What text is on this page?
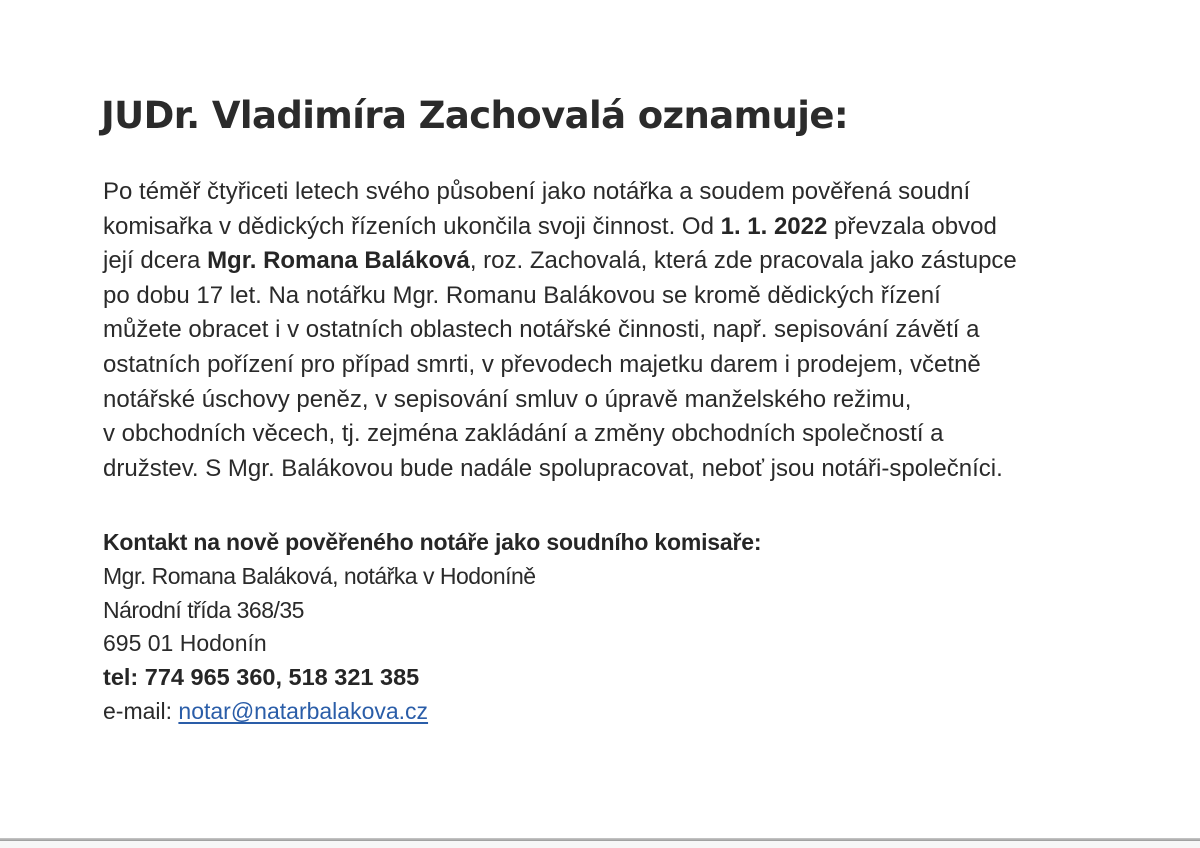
JUDr. Vladimíra Zachovalá oznamuje:
Po téměř čtyřiceti letech svého působení jako notářka a soudem pověřená soudní
komisařka v dědických řízeních ukončila svoji činnost. Od 1. 1. 2022 převzala obvod
její dcera Mgr. Romana Baláková, roz. Zachovalá, která zde pracovala jako zástupce
po dobu 17 let. Na notářku Mgr. Romanu Balákovou se kromě dědických řízení
můžete obracet i v ostatních oblastech notářské činnosti, např. sepisování závětí a
ostatních pořízení pro případ smrti, v převodech majetku darem i prodejem, včetně
notářské úschovy peněz, v sepisování smluv o úpravě manželského režimu,
v obchodních věcech, tj. zejména zakládání a změny obchodních společností a
družstev. S Mgr. Balákovou bude nadále spolupracovat, neboť jsou notáři-společníci.
Kontakt na nově pověřeného notáře jako soudního komisaře:
Mgr. Romana Baláková, notářka v Hodoníně
Národní třída 368/35
695 01 Hodonín
tel: 774 965 360, 518 321 385
e-mail: notar@natarbalakova.cz
